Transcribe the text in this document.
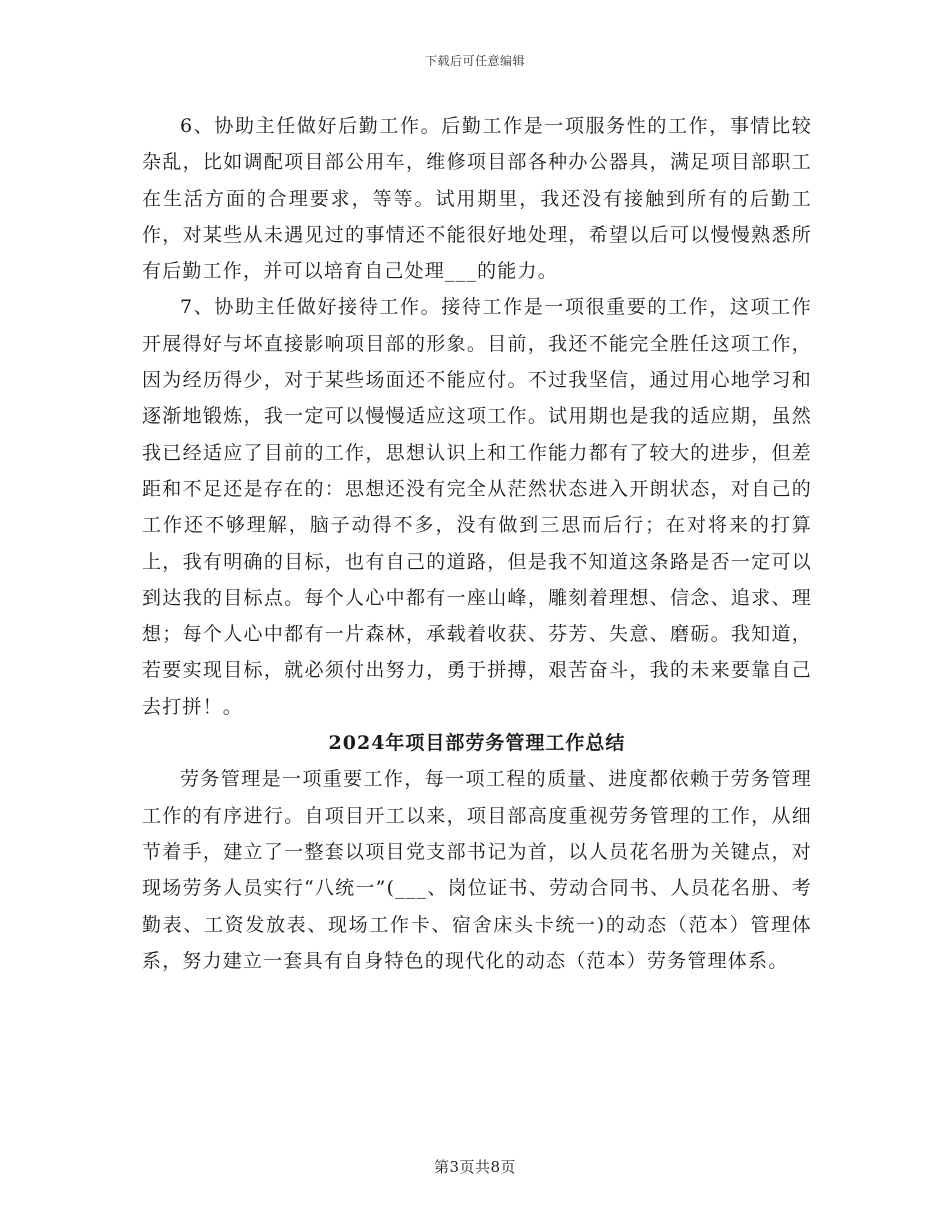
下载后可任意编辑

6、协助主任做好后勤工作。后勤工作是一项服务性的工作，事情比较杂乱，比如调配项目部公用车，维修项目部各种办公器具，满足项目部职工在生活方面的合理要求，等等。试用期里，我还没有接触到所有的后勤工作，对某些从未遇见过的事情还不能很好地处理，希望以后可以慢慢熟悉所有后勤工作，并可以培育自己处理___的能力。

7、协助主任做好接待工作。接待工作是一项很重要的工作，这项工作开展得好与坏直接影响项目部的形象。目前，我还不能完全胜任这项工作，因为经历得少，对于某些场面还不能应付。不过我坚信，通过用心地学习和逐渐地锻炼，我一定可以慢慢适应这项工作。试用期也是我的适应期，虽然我已经适应了目前的工作，思想认识上和工作能力都有了较大的进步，但差距和不足还是存在的：思想还没有完全从茫然状态进入开朗状态，对自己的工作还不够理解，脑子动得不多，没有做到三思而后行；在对将来的打算上，我有明确的目标，也有自己的道路，但是我不知道这条路是否一定可以到达我的目标点。每个人心中都有一座山峰，雕刻着理想、信念、追求、理想；每个人心中都有一片森林，承载着收获、芬芳、失意、磨砺。我知道，若要实现目标，就必须付出努力，勇于拼搏，艰苦奋斗，我的未来要靠自己去打拼！。

2024年项目部劳务管理工作总结

劳务管理是一项重要工作，每一项工程的质量、进度都依赖于劳务管理工作的有序进行。自项目开工以来，项目部高度重视劳务管理的工作，从细节着手，建立了一整套以项目党支部书记为首，以人员花名册为关键点，对现场劳务人员实行“八统一”(___、岗位证书、劳动合同书、人员花名册、考勤表、工资发放表、现场工作卡、宿舍床头卡统一)的动态（范本）管理体系，努力建立一套具有自身特色的现代化的动态（范本）劳务管理体系。

第3页共8页
